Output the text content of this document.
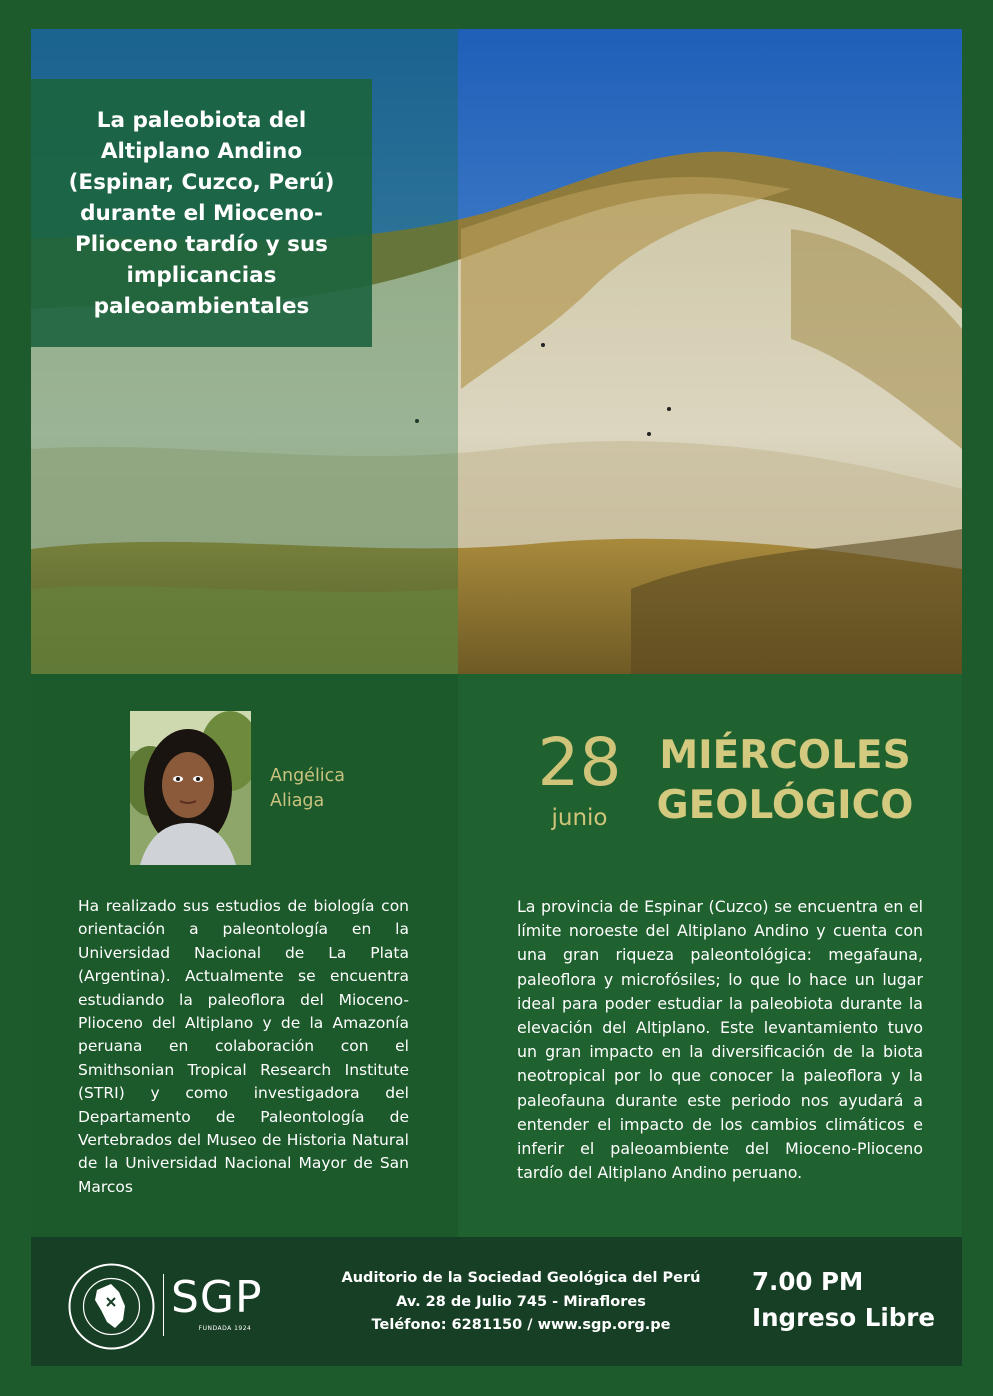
La paleobiota del
Altiplano Andino
(Espinar, Cuzco, Perú)
durante el Mioceno-
Plioceno tardío y sus
implicancias
paleoambientales
Angélica
Aliaga	28
junio
MIÉRCOLES
GEOLÓGICO
Ha realizado sus estudios de biología con orientación a paleontología en la Universidad Nacional de La Plata (Argentina). Actualmente se encuentra estudiando la paleoflora del Mioceno-Plioceno del Altiplano y de la Amazonía peruana en colaboración con el Smithsonian Tropical Research Institute (STRI) y como investigadora del Departamento de Paleontología de Vertebrados del Museo de Historia Natural de la Universidad Nacional Mayor de San Marcos
La provincia de Espinar (Cuzco) se encuentra en el límite noroeste del Altiplano Andino y cuenta con una gran riqueza paleontológica: megafauna, paleoflora y microfósiles; lo que lo hace un lugar ideal para poder estudiar la paleobiota durante la elevación del Altiplano. Este levantamiento tuvo un gran impacto en la diversificación de la biota neotropical por lo que conocer la paleoflora y la paleofauna durante este periodo nos ayudará a entender el impacto de los cambios climáticos e inferir el paleoambiente del Mioceno-Plioceno tardío del Altiplano Andino peruano.
SGP
FUNDADA 1924
Auditorio de la Sociedad Geológica del Perú
Av. 28 de Julio 745 - Miraflores
Teléfono: 6281150 / www.sgp.org.pe
7.00 PM
Ingreso Libre
